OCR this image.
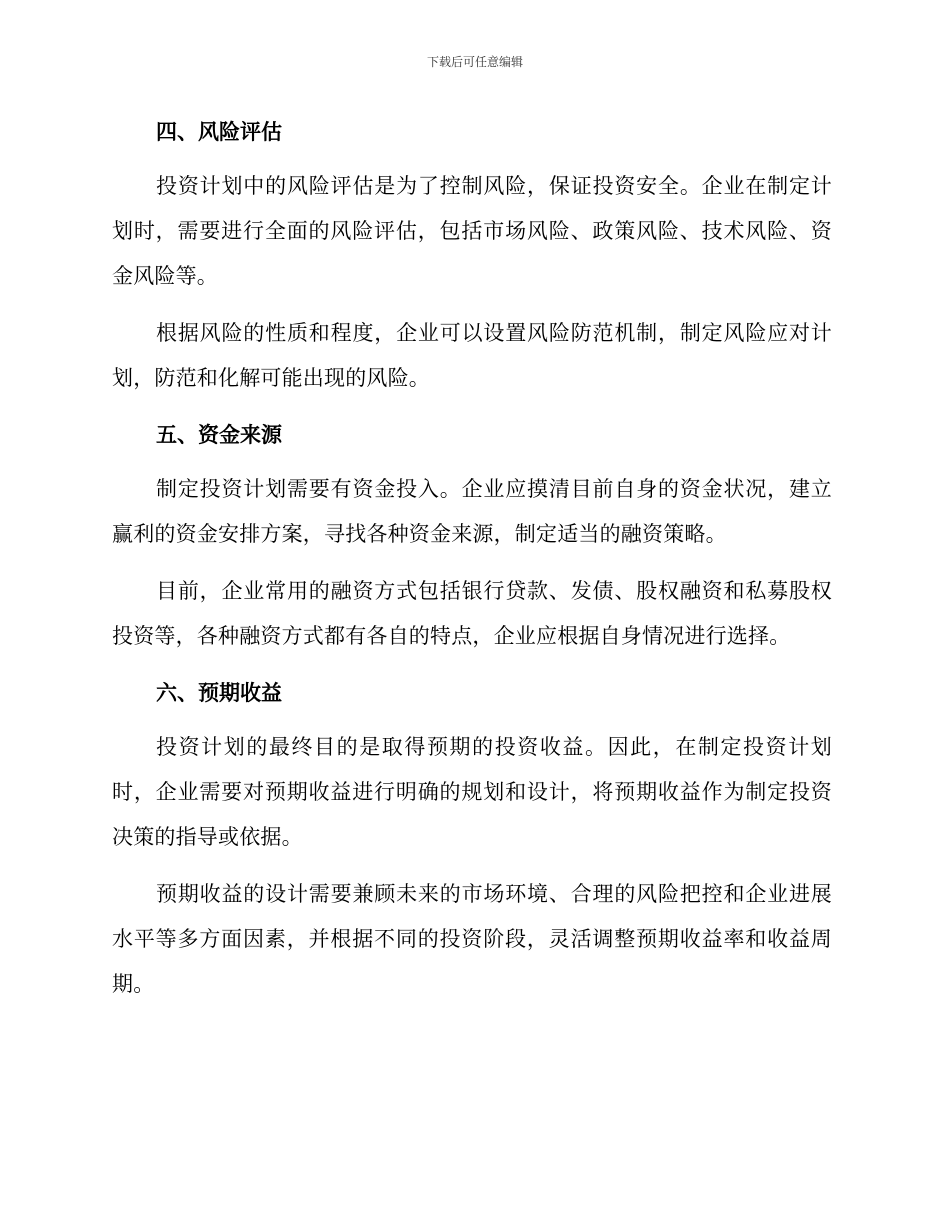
下载后可任意编辑
四、风险评估

投资计划中的风险评估是为了控制风险，保证投资安全。企业在制定计划时，需要进行全面的风险评估，包括市场风险、政策风险、技术风险、资金风险等。

根据风险的性质和程度，企业可以设置风险防范机制，制定风险应对计划，防范和化解可能出现的风险。

五、资金来源

制定投资计划需要有资金投入。企业应摸清目前自身的资金状况，建立赢利的资金安排方案，寻找各种资金来源，制定适当的融资策略。

目前，企业常用的融资方式包括银行贷款、发债、股权融资和私募股权投资等，各种融资方式都有各自的特点，企业应根据自身情况进行选择。

六、预期收益

投资计划的最终目的是取得预期的投资收益。因此，在制定投资计划时，企业需要对预期收益进行明确的规划和设计，将预期收益作为制定投资决策的指导或依据。

预期收益的设计需要兼顾未来的市场环境、合理的风险把控和企业进展水平等多方面因素，并根据不同的投资阶段，灵活调整预期收益率和收益周期。
